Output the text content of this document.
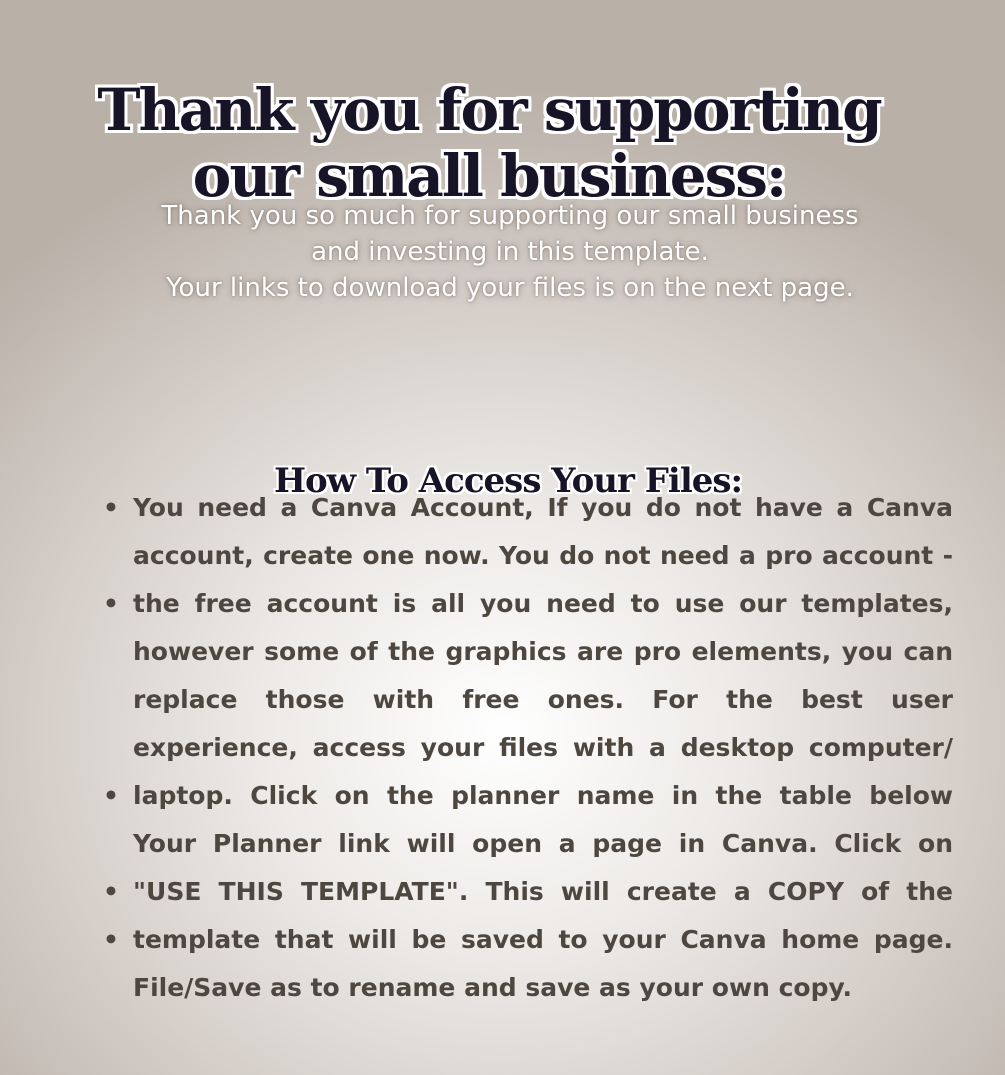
Thank you for supporting
our small business:
Thank you so much for supporting our small business
and investing in this template.
Your links to download your files is on the next page.
How To Access Your Files:
• You need a Canva Account, If you do not have a Canva
account, create one now. You do not need a pro account -
• the free account is all you need to use our templates,
however some of the graphics are pro elements, you can
replace those with free ones. For the best user
experience, access your files with a desktop computer/
• laptop. Click on the planner name in the table below
Your Planner link will open a page in Canva. Click on
• "USE THIS TEMPLATE". This will create a COPY of the
• template that will be saved to your Canva home page.
File/Save as to rename and save as your own copy.
